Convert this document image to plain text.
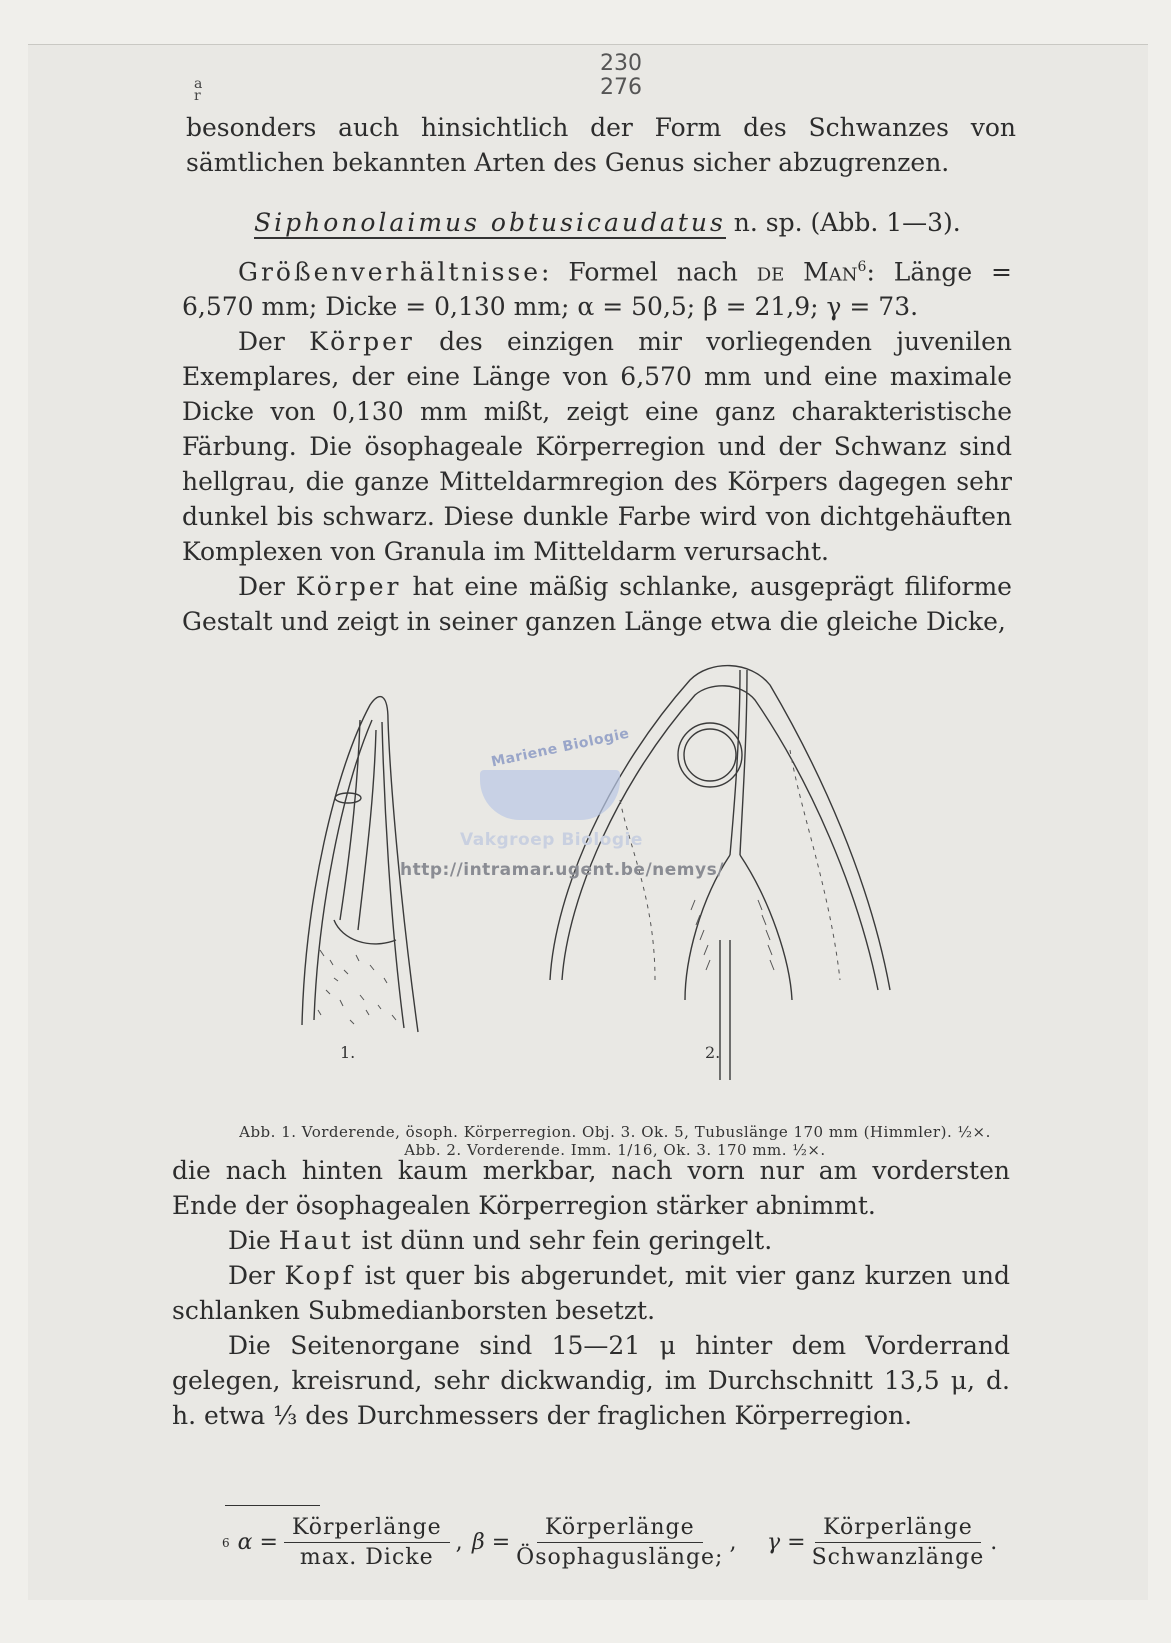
230
276
a
r

besonders auch hinsichtlich der Form des Schwanzes von sämtlichen bekannten Arten des Genus sicher abzugrenzen.

Siphonolaimus obtusicaudatus n. sp. (Abb. 1—3).

Größenverhältnisse: Formel nach de Man$^6$: Länge = 6,570 mm; Dicke = 0,130 mm; α = 50,5; β = 21,9; γ = 73.

Der Körper des einzigen mir vorliegenden juvenilen Exemplares, der eine Länge von 6,570 mm und eine maximale Dicke von 0,130 mm mißt, zeigt eine ganz charakteristische Färbung. Die ösophageale Körperregion und der Schwanz sind hellgrau, die ganze Mitteldarmregion des Körpers dagegen sehr dunkel bis schwarz. Diese dunkle Farbe wird von dichtgehäuften Komplexen von Granula im Mitteldarm verursacht.

Der Körper hat eine mäßig schlanke, ausgeprägt filiforme Gestalt und zeigt in seiner ganzen Länge etwa die gleiche Dicke,

1.	2.
Mariene Biologie
Vakgroep Biologie
http://intramar.ugent.be/nemys/
Abb. 1. Vorderende, ösoph. Körperregion. Obj. 3. Ok. 5, Tubuslänge 170 mm (Himmler). ½×.
Abb. 2. Vorderende. Imm. 1/16, Ok. 3. 170 mm. ½×.

die nach hinten kaum merkbar, nach vorn nur am vordersten Ende der ösophagealen Körperregion stärker abnimmt.

Die Haut ist dünn und sehr fein geringelt.

Der Kopf ist quer bis abgerundet, mit vier ganz kurzen und schlanken Submedianborsten besetzt.

Die Seitenorgane sind 15—21 μ hinter dem Vorderrand gelegen, kreisrund, sehr dickwandig, im Durchschnitt 13,5 μ, d. h. etwa ⅓ des Durchmessers der fraglichen Körperregion.

6 $\alpha = \frac{\text{Körperlänge}}{\text{max. Dicke}}$ , $\beta = \frac{\text{Körperlänge}}{\text{Ösophaguslänge;}}$ , $\gamma = \frac{\text{Körperlänge}}{\text{Schwanzlänge}}$ .
